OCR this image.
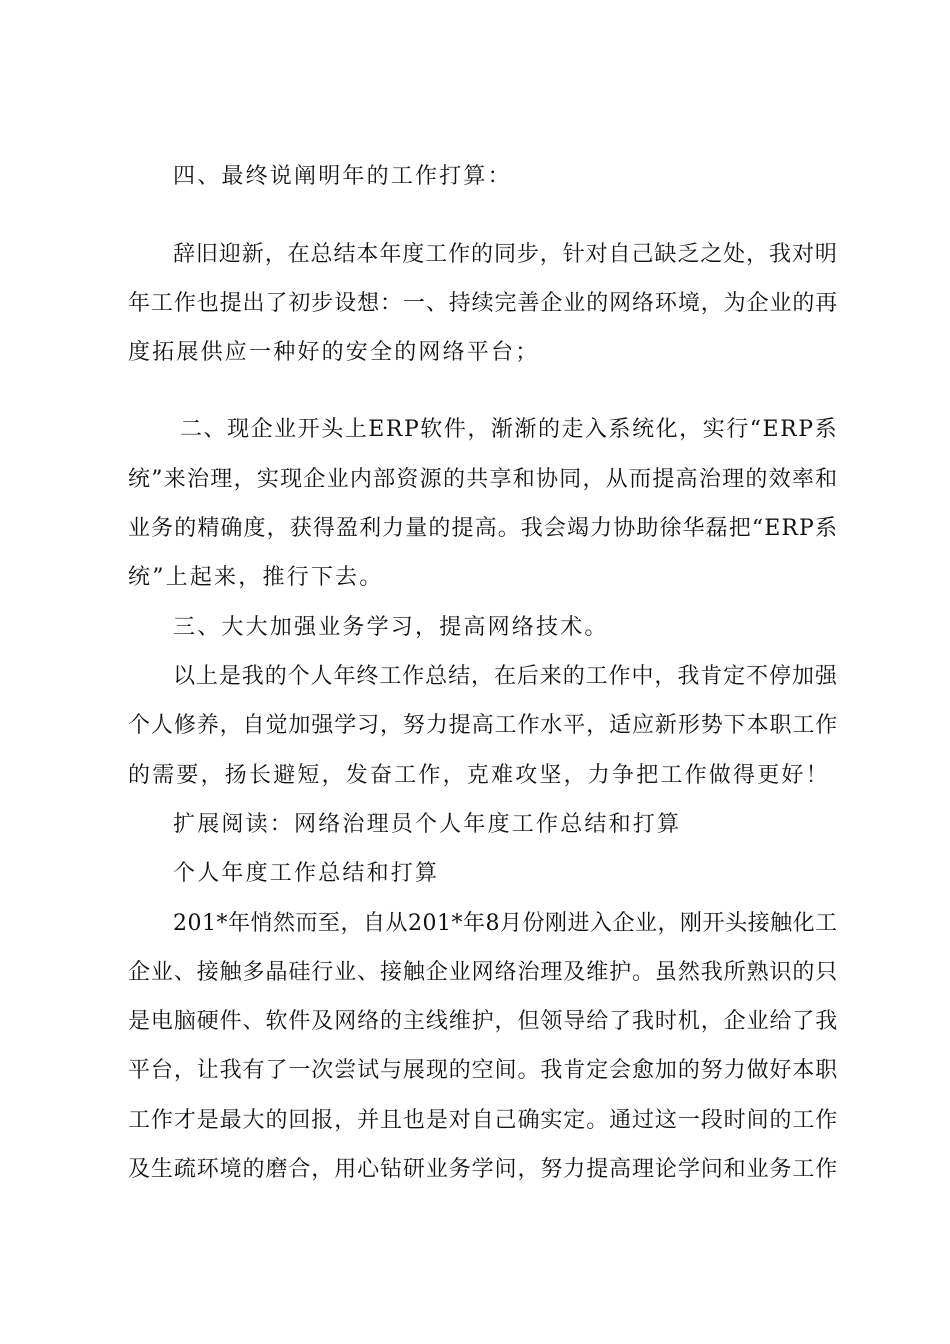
四、最终说阐明年的工作打算：
辞旧迎新，在总结本年度工作的同步，针对自己缺乏之处，我对明
年工作也提出了初步设想：一、持续完善企业的网络环境，为企业的再
度拓展供应一种好的安全的网络平台；
二、现企业开头上ERP软件，渐渐的走入系统化，实行“ERP系
统”来治理，实现企业内部资源的共享和协同，从而提高治理的效率和
业务的精确度，获得盈利力量的提高。我会竭力协助徐华磊把“ERP系
统”上起来，推行下去。
三、大大加强业务学习，提高网络技术。
以上是我的个人年终工作总结，在后来的工作中，我肯定不停加强
个人修养，自觉加强学习，努力提高工作水平，适应新形势下本职工作
的需要，扬长避短，发奋工作，克难攻坚，力争把工作做得更好！
扩展阅读：网络治理员个人年度工作总结和打算
个人年度工作总结和打算
201*年悄然而至，自从201*年8月份刚进入企业，刚开头接触化工
企业、接触多晶硅行业、接触企业网络治理及维护。虽然我所熟识的只
是电脑硬件、软件及网络的主线维护，但领导给了我时机，企业给了我
平台，让我有了一次尝试与展现的空间。我肯定会愈加的努力做好本职
工作才是最大的回报，并且也是对自己确实定。通过这一段时间的工作
及生疏环境的磨合，用心钻研业务学问，努力提高理论学问和业务工作
